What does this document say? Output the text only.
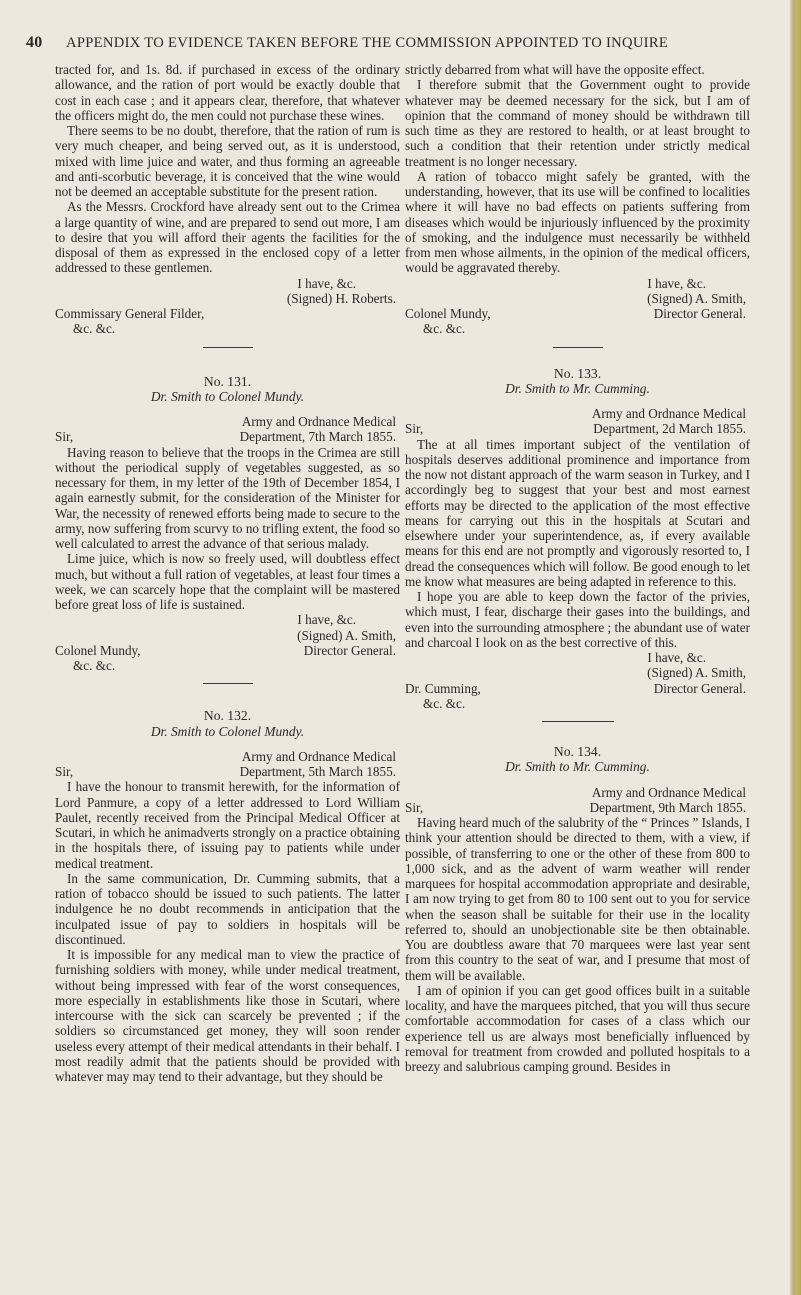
40	APPENDIX TO EVIDENCE TAKEN BEFORE THE COMMISSION APPOINTED TO INQUIRE

tracted for, and 1s. 8d. if purchased in excess of the ordinary allowance, and the ration of port would be exactly double that cost in each case ; and it appears clear, therefore, that whatever the officers might do, the men could not purchase these wines.

There seems to be no doubt, therefore, that the ration of rum is very much cheaper, and being served out, as it is understood, mixed with lime juice and water, and thus forming an agreeable and anti-scorbutic beverage, it is conceived that the wine would not be deemed an acceptable substitute for the present ration.

As the Messrs. Crockford have already sent out to the Crimea a large quantity of wine, and are prepared to send out more, I am to desire that you will afford their agents the facilities for the disposal of them as expressed in the enclosed copy of a letter addressed to these gentlemen.

I have, &c.
(Signed) H. Roberts.
Commissary General Filder,
&c. &c.
No. 131.
Dr. Smith to Colonel Mundy.
Army and Ordnance Medical
Sir,	Department, 7th March 1855.

Having reason to believe that the troops in the Crimea are still without the periodical supply of vegetables suggested, as so necessary for them, in my letter of the 19th of December 1854, I again earnestly submit, for the consideration of the Minister for War, the necessity of renewed efforts being made to secure to the army, now suffering from scurvy to no trifling extent, the food so well calculated to arrest the advance of that serious malady.

Lime juice, which is now so freely used, will doubtless effect much, but without a full ration of vegetables, at least four times a week, we can scarcely hope that the complaint will be mastered before great loss of life is sustained.

I have, &c.
(Signed) A. Smith,
Colonel Mundy,	Director General.
&c. &c.
No. 132.
Dr. Smith to Colonel Mundy.
Army and Ordnance Medical
Sir,	Department, 5th March 1855.

I have the honour to transmit herewith, for the information of Lord Panmure, a copy of a letter addressed to Lord William Paulet, recently received from the Principal Medical Officer at Scutari, in which he animadverts strongly on a practice obtaining in the hospitals there, of issuing pay to patients while under medical treatment.

In the same communication, Dr. Cumming submits, that a ration of tobacco should be issued to such patients. The latter indulgence he no doubt recommends in anticipation that the inculpated issue of pay to soldiers in hospitals will be discontinued.

It is impossible for any medical man to view the practice of furnishing soldiers with money, while under medical treatment, without being impressed with fear of the worst consequences, more especially in establishments like those in Scutari, where intercourse with the sick can scarcely be prevented ; if the soldiers so circumstanced get money, they will soon render useless every attempt of their medical attendants in their behalf. I most readily admit that the patients should be provided with whatever may may tend to their advantage, but they should be

strictly debarred from what will have the opposite effect.

I therefore submit that the Government ought to provide whatever may be deemed necessary for the sick, but I am of opinion that the command of money should be withdrawn till such time as they are restored to health, or at least brought to such a condition that their retention under strictly medical treatment is no longer necessary.

A ration of tobacco might safely be granted, with the understanding, however, that its use will be confined to localities where it will have no bad effects on patients suffering from diseases which would be injuriously influenced by the proximity of smoking, and the indulgence must necessarily be withheld from men whose ailments, in the opinion of the medical officers, would be aggravated thereby.

I have, &c.
(Signed) A. Smith,
Colonel Mundy,	Director General.
&c. &c.
No. 133.
Dr. Smith to Mr. Cumming.
Army and Ordnance Medical
Sir,	Department, 2d March 1855.

The at all times important subject of the ventilation of hospitals deserves additional prominence and importance from the now not distant approach of the warm season in Turkey, and I accordingly beg to suggest that your best and most earnest efforts may be directed to the application of the most effective means for carrying out this in the hospitals at Scutari and elsewhere under your superintendence, as, if every available means for this end are not promptly and vigorously resorted to, I dread the consequences which will follow. Be good enough to let me know what measures are being adapted in reference to this.

I hope you are able to keep down the factor of the privies, which must, I fear, discharge their gases into the buildings, and even into the surrounding atmosphere ; the abundant use of water and charcoal I look on as the best corrective of this.

I have, &c.
(Signed) A. Smith,
Dr. Cumming,	Director General.
&c. &c.
No. 134.
Dr. Smith to Mr. Cumming.
Army and Ordnance Medical
Sir,	Department, 9th March 1855.

Having heard much of the salubrity of the “ Princes ” Islands, I think your attention should be directed to them, with a view, if possible, of transferring to one or the other of these from 800 to 1,000 sick, and as the advent of warm weather will render marquees for hospital accommodation appropriate and desirable, I am now trying to get from 80 to 100 sent out to you for service when the season shall be suitable for their use in the locality referred to, should an unobjectionable site be then obtainable. You are doubtless aware that 70 marquees were last year sent from this country to the seat of war, and I presume that most of them will be available.

I am of opinion if you can get good offices built in a suitable locality, and have the marquees pitched, that you will thus secure comfortable accommodation for cases of a class which our experience tell us are always most beneficially influenced by removal for treatment from crowded and polluted hospitals to a breezy and salubrious camping ground. Besides in
